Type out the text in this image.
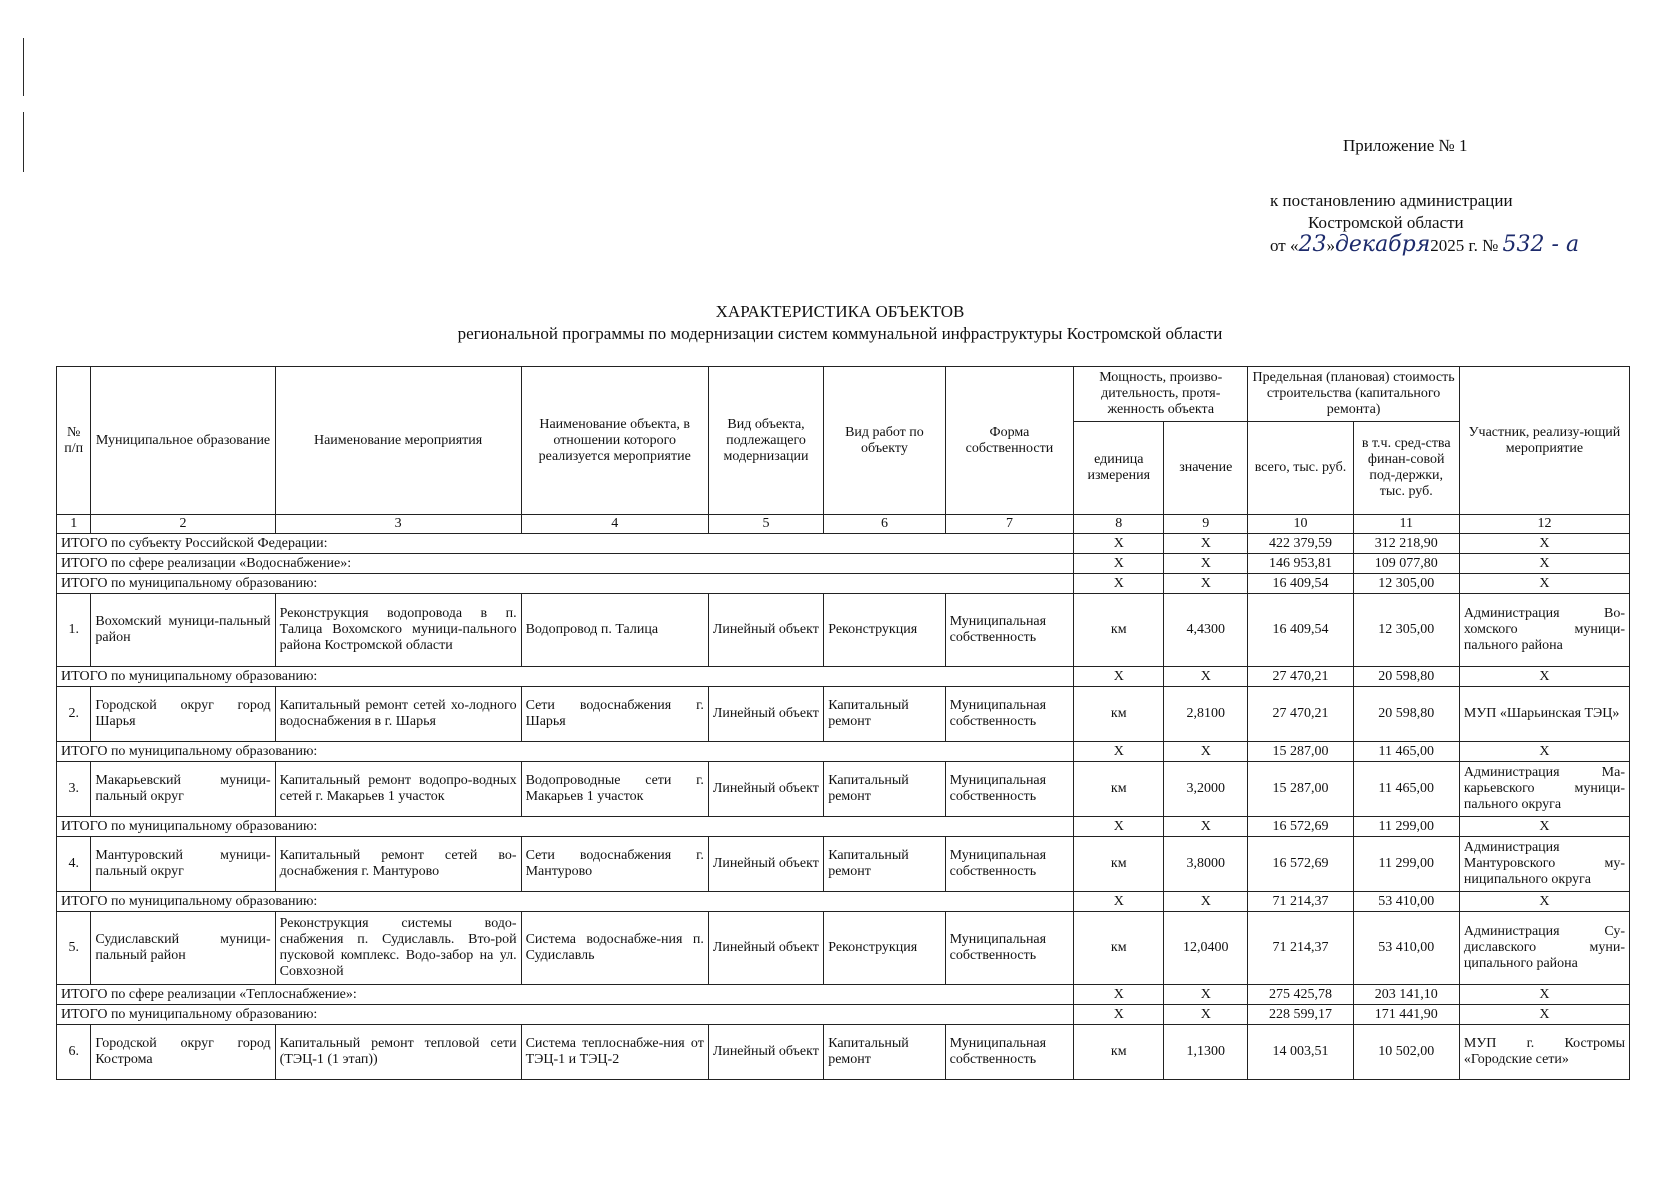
Приложение № 1
к постановлению администрации
Костромской области
от «23»декабря2025 г. № 532 - а
ХАРАКТЕРИСТИКА ОБЪЕКТОВ
региональной программы по модернизации систем коммунальной инфраструктуры Костромской области
№ п/п	Муниципальное образование	Наименование мероприятия	Наименование объекта, в отношении которого реализуется мероприятие	Вид объекта, подлежащего модернизации	Вид работ по объекту	Форма собственности	Мощность, произво-дительность, протя-женность объекта		Предельная (плановая) стоимость строительства (капитального ремонта)		Участник, реализу-ющий мероприятие
							единица измерения	значение	всего, тыс. руб.	в т.ч. сред-ства финан-совой под-держки, тыс. руб.	
1	2	3	4	5	6	7	8	9	10	11	12
ИТОГО по субъекту Российской Федерации:							X	X	422 379,59	312 218,90	X
ИТОГО по сфере реализации «Водоснабжение»:							X	X	146 953,81	109 077,80	X
ИТОГО по муниципальному образованию:							X	X	16 409,54	12 305,00	X
1.	Вохомский муници-пальный район	Реконструкция водопровода в п. Талица Вохомского муници-пального района Костромской области	Водопровод п. Талица	Линейный объект	Реконструкция	Муниципальная собственность	км	4,4300	16 409,54	12 305,00	Администрация Во-хомского муници-пального района
ИТОГО по муниципальному образованию:							X	X	27 470,21	20 598,80	X
2.	Городской округ город Шарья	Капитальный ремонт сетей хо-лодного водоснабжения в г. Шарья	Сети водоснабжения г. Шарья	Линейный объект	Капитальный ремонт	Муниципальная собственность	км	2,8100	27 470,21	20 598,80	МУП «Шарьинская ТЭЦ»
ИТОГО по муниципальному образованию:							X	X	15 287,00	11 465,00	X
3.	Макарьевский муници-пальный округ	Капитальный ремонт водопро-водных сетей г. Макарьев 1 участок	Водопроводные сети г. Макарьев 1 участок	Линейный объект	Капитальный ремонт	Муниципальная собственность	км	3,2000	15 287,00	11 465,00	Администрация Ма-карьевского муници-пального округа
ИТОГО по муниципальному образованию:							X	X	16 572,69	11 299,00	X
4.	Мантуровский муници-пальный округ	Капитальный ремонт сетей во-доснабжения г. Мантурово	Сети водоснабжения г. Мантурово	Линейный объект	Капитальный ремонт	Муниципальная собственность	км	3,8000	16 572,69	11 299,00	Администрация Мантуровского му-ниципального округа
ИТОГО по муниципальному образованию:							X	X	71 214,37	53 410,00	X
5.	Судиславский муници-пальный район	Реконструкция системы водо-снабжения п. Судиславль. Вто-рой пусковой комплекс. Водо-забор на ул. Совхозной	Система водоснабже-ния п. Судиславль	Линейный объект	Реконструкция	Муниципальная собственность	км	12,0400	71 214,37	53 410,00	Администрация Су-диславского муни-ципального района
ИТОГО по сфере реализации «Теплоснабжение»:							X	X	275 425,78	203 141,10	X
ИТОГО по муниципальному образованию:							X	X	228 599,17	171 441,90	X
6.	Городской округ город Кострома	Капитальный ремонт тепловой сети (ТЭЦ-1 (1 этап))	Система теплоснабже-ния от ТЭЦ-1 и ТЭЦ-2	Линейный объект	Капитальный ремонт	Муниципальная собственность	км	1,1300	14 003,51	10 502,00	МУП г. Костромы «Городские сети»
